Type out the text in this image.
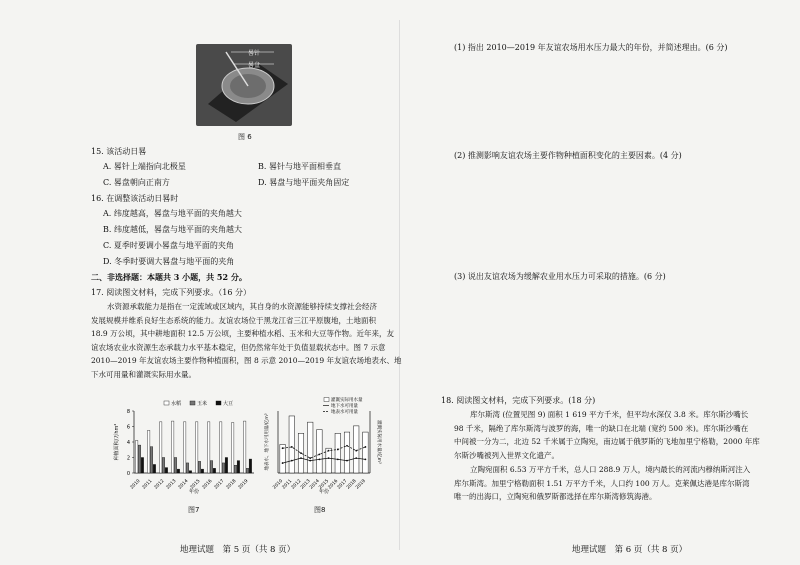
晷针
晷盘
图 6
15. 该活动日晷
A. 晷针上端指向北极星	B. 晷针与地平面相垂直
C. 晷盘朝向正南方	D. 晷盘与地平面夹角固定
16. 在调整该活动日晷时
A. 纬度越高，晷盘与地平面的夹角越大
B. 纬度越低，晷盘与地平面的夹角越大
C. 夏季时要调小晷盘与地平面的夹角
D. 冬季时要调大晷盘与地平面的夹角
二、非选择题：本题共 3 小题，共 52 分。
17. 阅读图文材料，完成下列要求。（16 分）
水资源承载能力是指在一定流域或区域内，其自身的水资源能够持续支撑社会经济
发展规模并维系良好生态系统的能力。友谊农场位于黑龙江省三江平原腹地，土地面积
18.9 万公顷，其中耕地面积 12.5 万公顷，主要种植水稻、玉米和大豆等作物。近年来，友
谊农场农业水资源生态承载力水平基本稳定，但仍然常年处于负值显载状态中。图 7 示意
2010—2019 年友谊农场主要作物种植面积，图 8 示意 2010—2019 年友谊农场地表水、地
下水可用量和灌溉实际用水量。
0
2
4
6
8
种植面积/万hm²
2010 2011 2012 2013 2014 2015 2016 2017 2018 2019
年份
水稻	玉米	大豆
图7
地表水、地下水可用量/亿m³	灌溉实际用水量/亿m³
2010
2011
2012
2013
2014
2015
2016
2017
2018
2019
年份
灌溉实际用水量
地下水可用量
地表水可用量
图8
地理试题　第 5 页（共 8 页）
(1) 指出 2010—2019 年友谊农场用水压力最大的年份，并简述理由。(6 分)
(2) 推测影响友谊农场主要作物种植面积变化的主要因素。(4 分)
(3) 说出友谊农场为缓解农业用水压力可采取的措施。(6 分)
18. 阅读图文材料，完成下列要求。(18 分)
库尔斯湾 (位置见图 9) 面积 1 619 平方千米，但平均水深仅 3.8 米。库尔斯沙嘴长
98 千米，隔绝了库尔斯湾与波罗的海，唯一的缺口在北端 (宽约 500 米)。库尔斯沙嘴在
中间被一分为二，北边 52 千米属于立陶宛，南边属于俄罗斯的飞地加里宁格勒，2000 年库
尔斯沙嘴被列入世界文化遗产。
立陶宛面积 6.53 万平方千米，总人口 288.9 万人，境内最长的河流内穆纳斯河注入
库尔斯湾。加里宁格勒面积 1.51 万平方千米，人口约 100 万人。克莱佩达港是库尔斯湾
唯一的出海口，立陶宛和俄罗斯都选择在库尔斯湾修筑海港。
地理试题　第 6 页（共 8 页）
